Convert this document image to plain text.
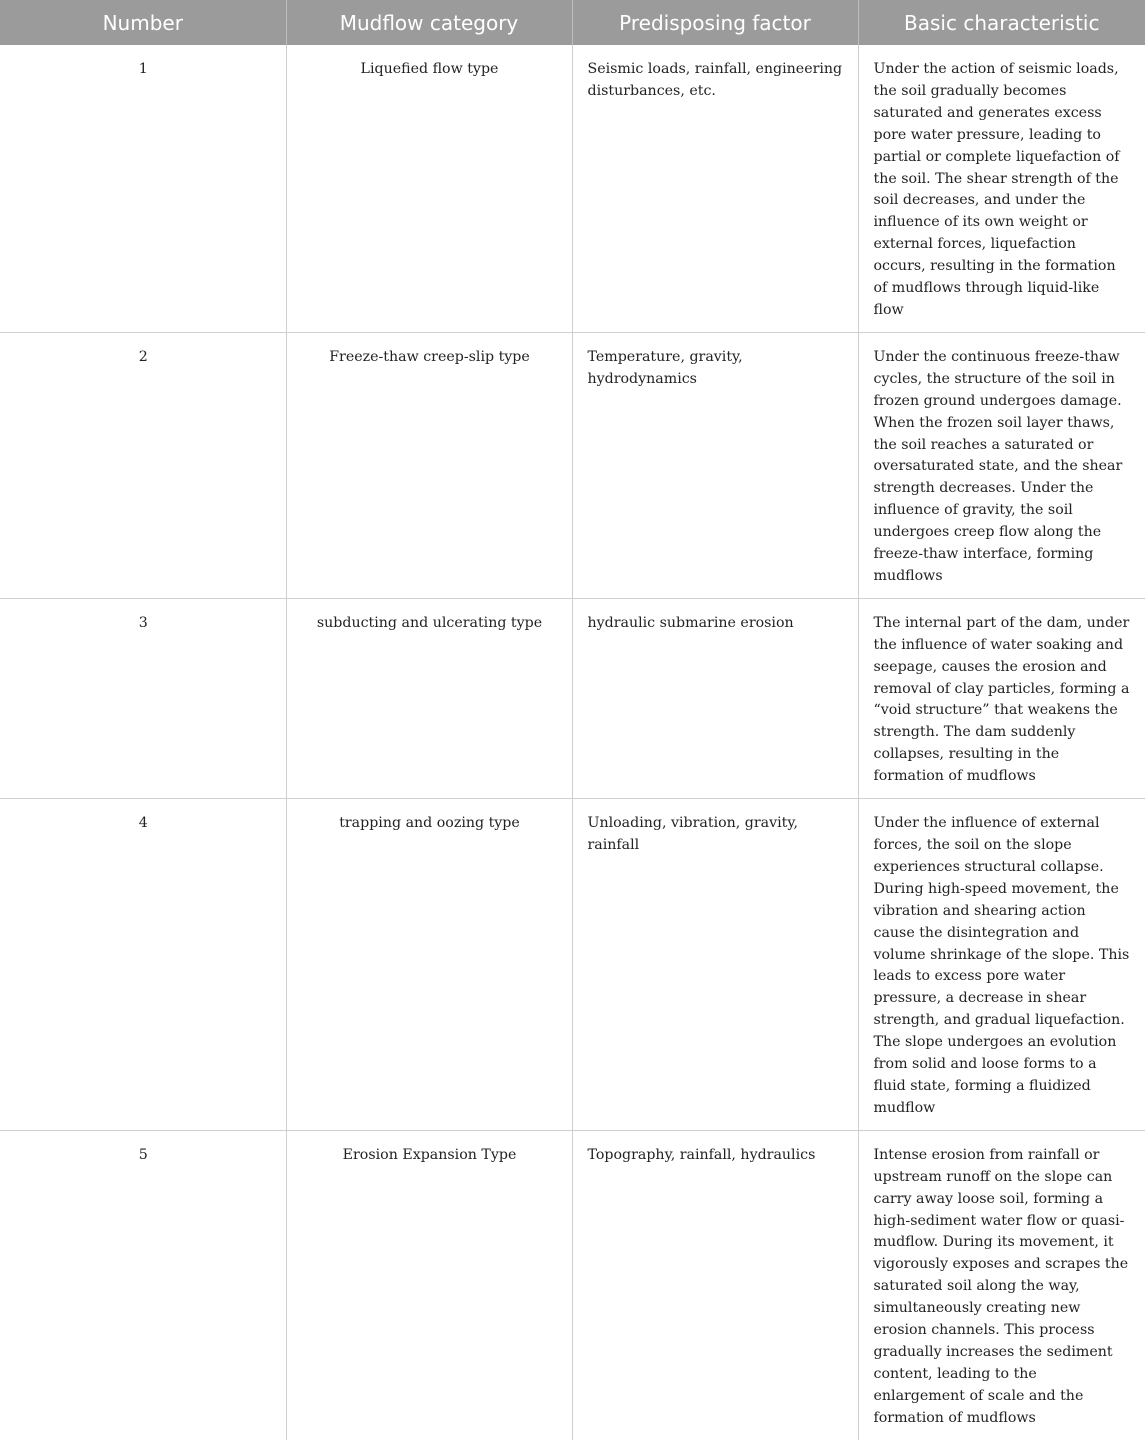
Number	Mudflow category	Predisposing factor	Basic characteristic
1	Liquefied flow type	Seismic loads, rainfall, engineering disturbances, etc.	Under the action of seismic loads, the soil gradually becomes saturated and generates excess pore water pressure, leading to partial or complete liquefaction of the soil. The shear strength of the soil decreases, and under the influence of its own weight or external forces, liquefaction occurs, resulting in the formation of mudflows through liquid-like flow
2	Freeze-thaw creep-slip type	Temperature, gravity, hydrodynamics	Under the continuous freeze-thaw cycles, the structure of the soil in frozen ground undergoes damage. When the frozen soil layer thaws, the soil reaches a saturated or oversaturated state, and the shear strength decreases. Under the influence of gravity, the soil undergoes creep flow along the freeze-thaw interface, forming mudflows
3	subducting and ulcerating type	hydraulic submarine erosion	The internal part of the dam, under the influence of water soaking and seepage, causes the erosion and removal of clay particles, forming a “void structure” that weakens the strength. The dam suddenly collapses, resulting in the formation of mudflows
4	trapping and oozing type	Unloading, vibration, gravity, rainfall	Under the influence of external forces, the soil on the slope experiences structural collapse. During high-speed movement, the vibration and shearing action cause the disintegration and volume shrinkage of the slope. This leads to excess pore water pressure, a decrease in shear strength, and gradual liquefaction. The slope undergoes an evolution from solid and loose forms to a fluid state, forming a fluidized mudflow
5	Erosion Expansion Type	Topography, rainfall, hydraulics	Intense erosion from rainfall or upstream runoff on the slope can carry away loose soil, forming a high-sediment water flow or quasi-mudflow. During its movement, it vigorously exposes and scrapes the saturated soil along the way, simultaneously creating new erosion channels. This process gradually increases the sediment content, leading to the enlargement of scale and the formation of mudflows
